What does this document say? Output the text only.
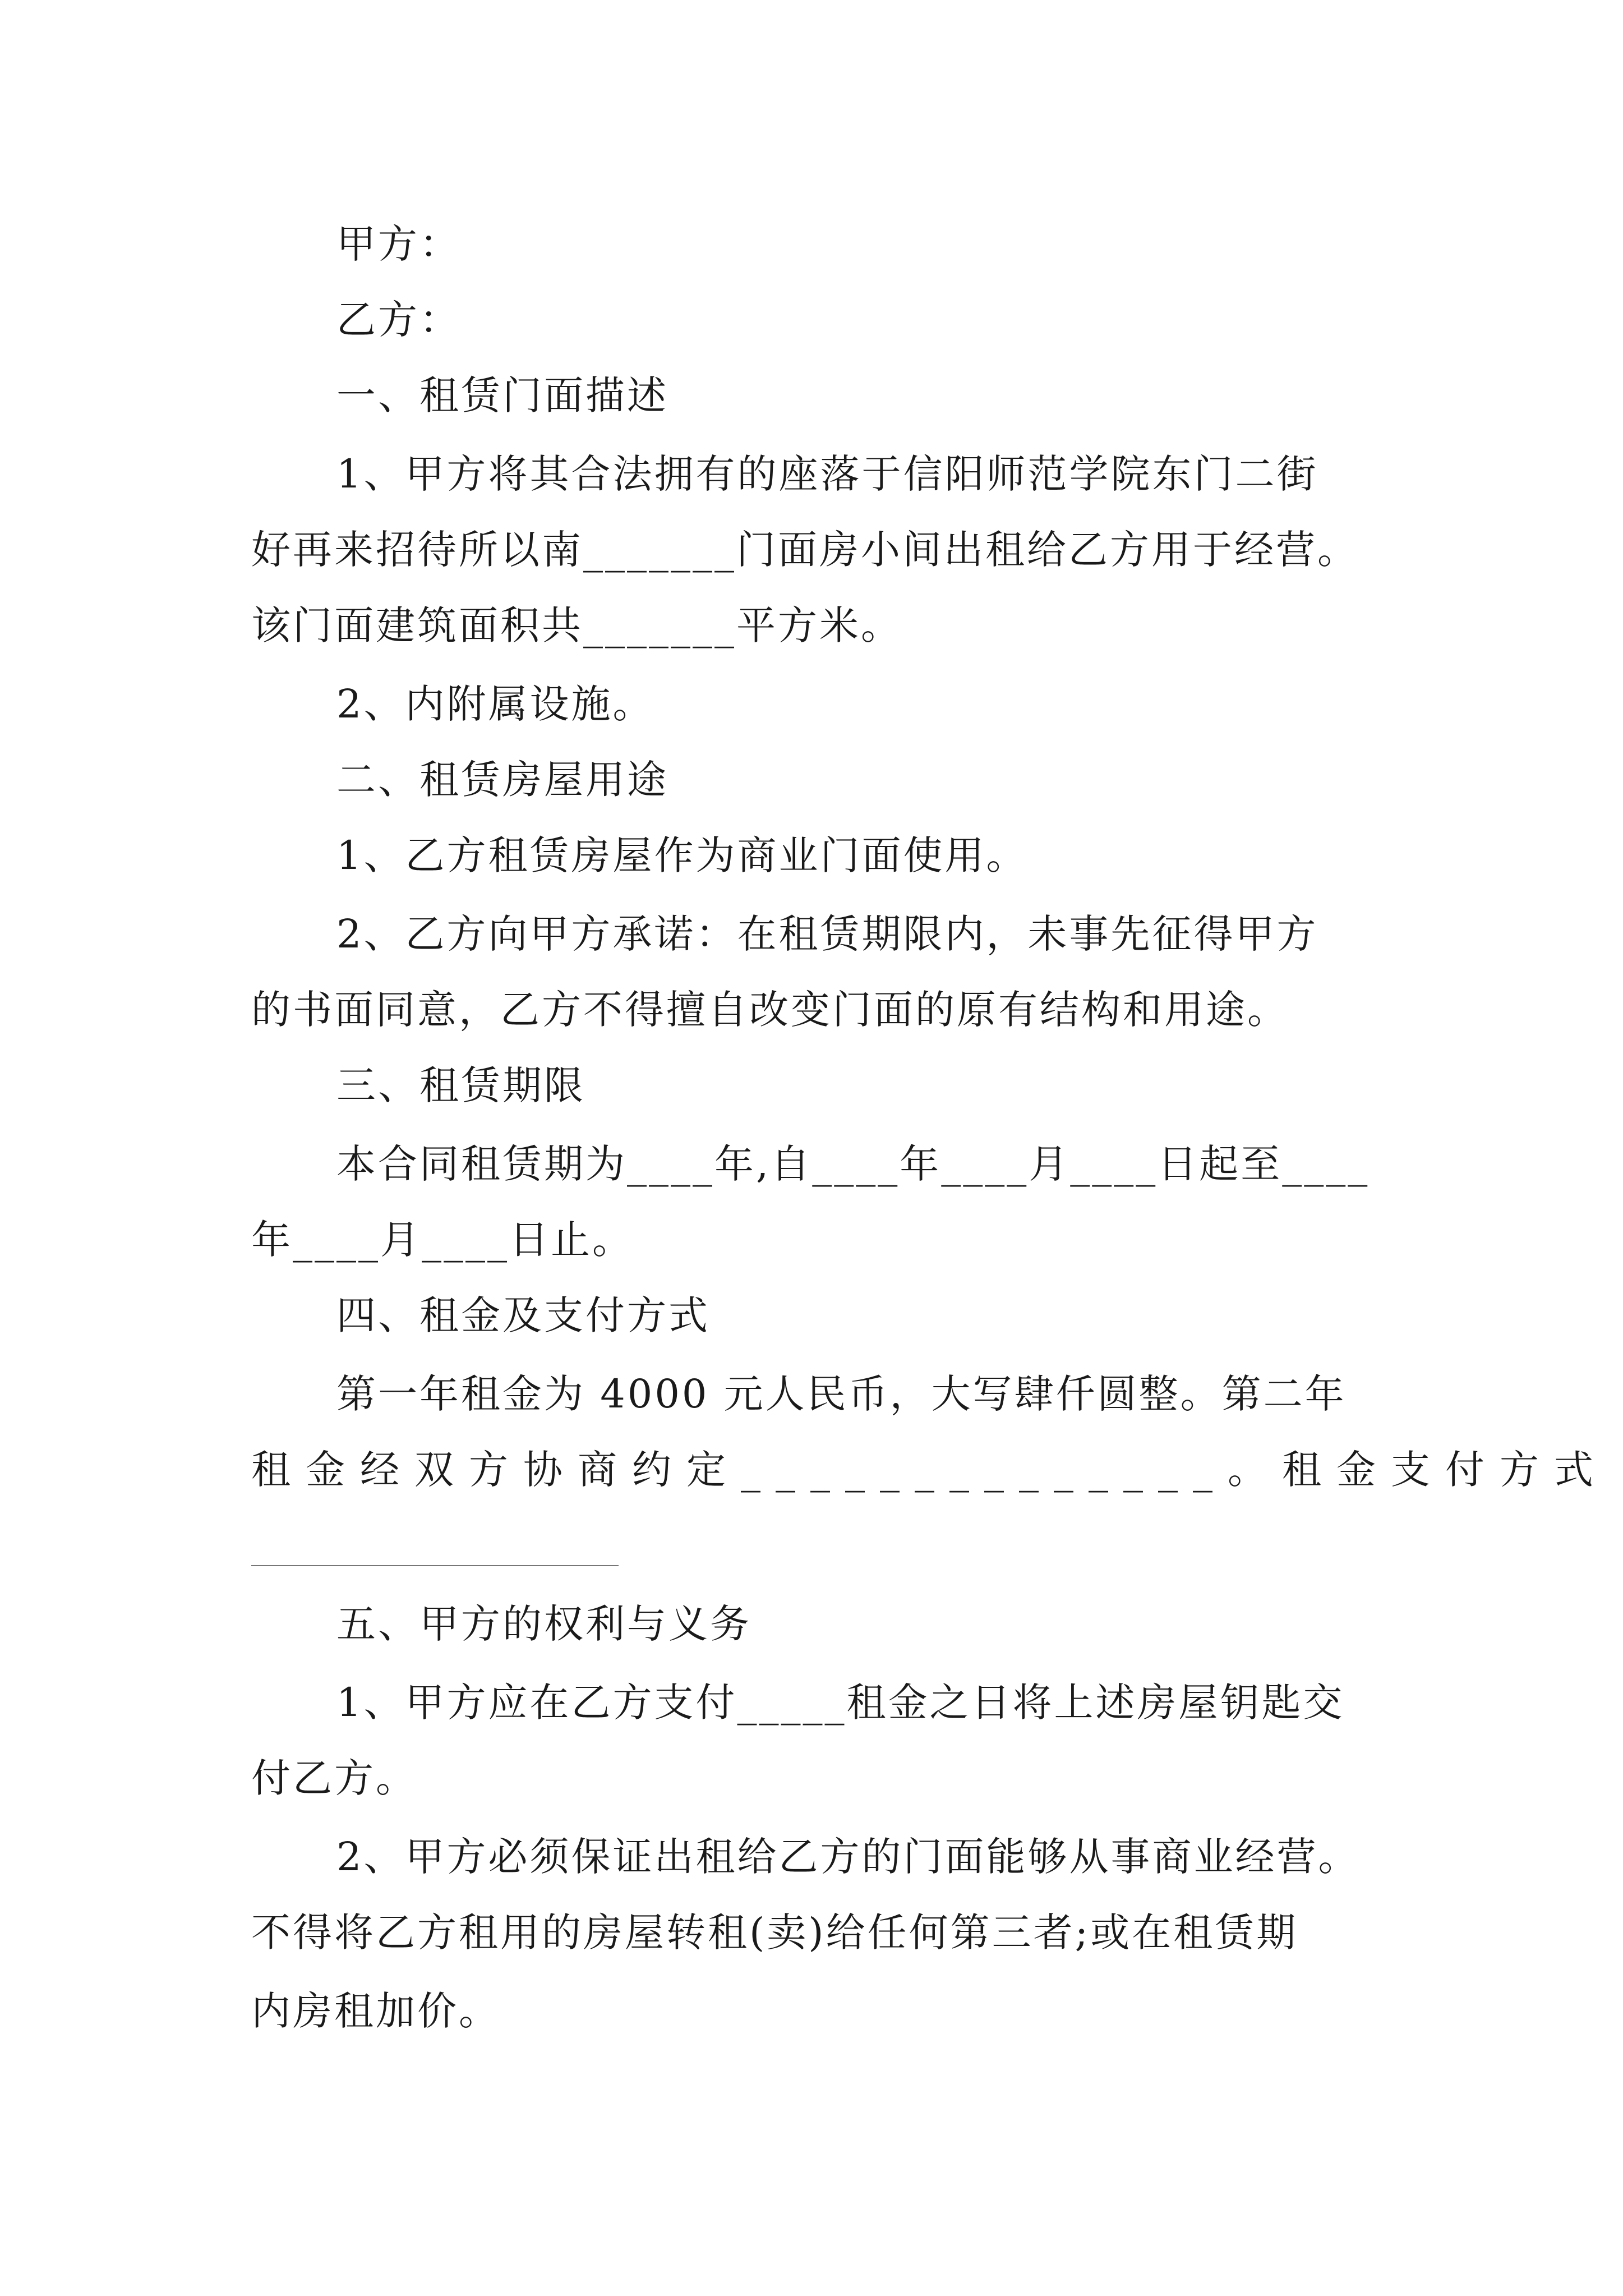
甲方：
乙方：
一、租赁门面描述
1、甲方将其合法拥有的座落于信阳师范学院东门二街
好再来招待所以南_______门面房小间出租给乙方用于经营。
该门面建筑面积共_______平方米。
2、内附属设施。
二、租赁房屋用途
1、乙方租赁房屋作为商业门面使用。
2、乙方向甲方承诺：在租赁期限内，未事先征得甲方
的书面同意，乙方不得擅自改变门面的原有结构和用途。
三、租赁期限
本合同租赁期为____年,自____年____月____日起至____
年____月____日止。
四、租金及支付方式
第一年租金为 4000 元人民币，大写肆仟圆整。第二年
租金经双方协商约定______________。租金支付方式
五、甲方的权利与义务
1、甲方应在乙方支付_____租金之日将上述房屋钥匙交
付乙方。
2、甲方必须保证出租给乙方的门面能够从事商业经营。
不得将乙方租用的房屋转租(卖)给任何第三者;或在租赁期
内房租加价。
